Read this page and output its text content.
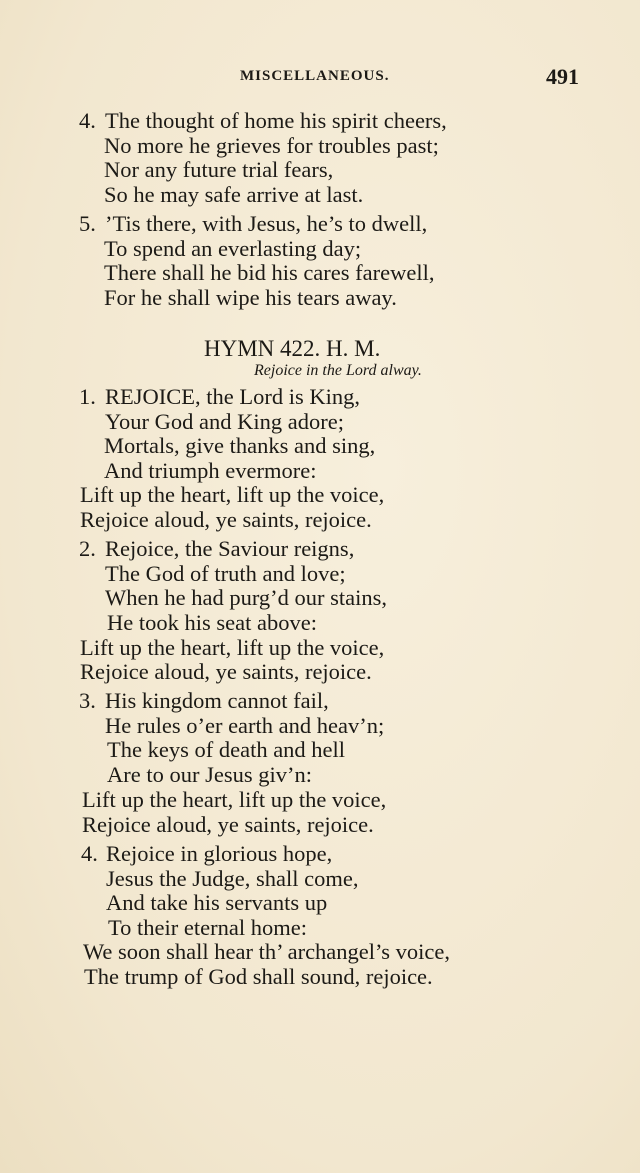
MISCELLANEOUS.	491
4. The thought of home his spirit cheers,
No more he grieves for troubles past;
Nor any future trial fears,
So he may safe arrive at last.
5. ’Tis there, with Jesus, he’s to dwell,
To spend an everlasting day;
There shall he bid his cares farewell,
For he shall wipe his tears away.
HYMN 422. H. M.
Rejoice in the Lord alway.
1. REJOICE, the Lord is King,
Your God and King adore;
Mortals, give thanks and sing,
And triumph evermore:
Lift up the heart, lift up the voice,
Rejoice aloud, ye saints, rejoice.
2. Rejoice, the Saviour reigns,
The God of truth and love;
When he had purg’d our stains,
He took his seat above:
Lift up the heart, lift up the voice,
Rejoice aloud, ye saints, rejoice.
3. His kingdom cannot fail,
He rules o’er earth and heav’n;
The keys of death and hell
Are to our Jesus giv’n:
Lift up the heart, lift up the voice,
Rejoice aloud, ye saints, rejoice.
4. Rejoice in glorious hope,
Jesus the Judge, shall come,
And take his servants up
To their eternal home:
We soon shall hear th’ archangel’s voice,
The trump of God shall sound, rejoice.
